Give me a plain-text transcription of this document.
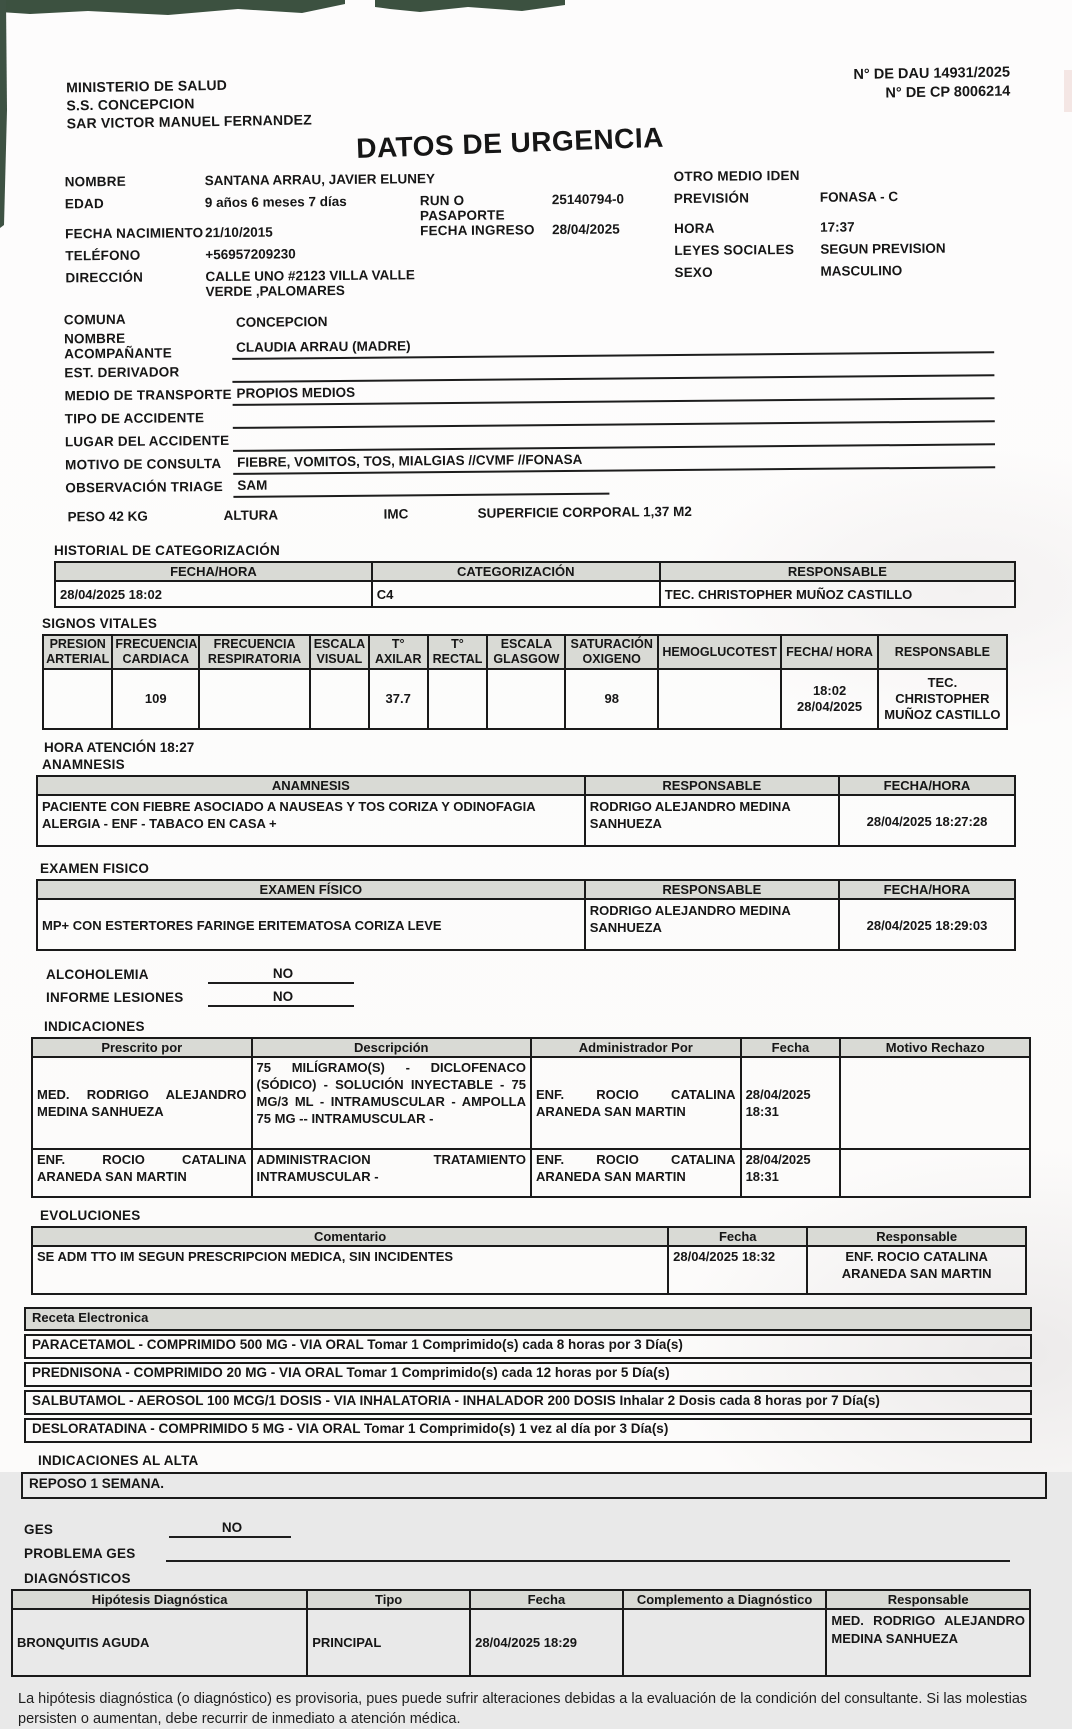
MINISTERIO DE SALUD
S.S. CONCEPCION
SAR VICTOR MANUEL FERNANDEZ
N° DE DAU 14931/2025
N° DE CP 8006214
DATOS DE URGENCIA
NOMBRE	SANTANA ARRAU, JAVIER ELUNEY	OTRO MEDIO IDEN
EDAD	9 años 6 meses 7 días	RUN O PASAPORTE
25140794-0	PREVISIÓN	FONASA - C
FECHA NACIMIENTO 21/10/2015	FECHA INGRESO	28/04/2025	HORA	17:37
TELÉFONO	+56957209230	LEYES SOCIALES	SEGUN PREVISION
DIRECCIÓN	CALLE UNO #2123 VILLA VALLE
VERDE ,PALOMARES
SEXO	MASCULINO
COMUNA	CONCEPCION
NOMBRE ACOMPAÑANTE	CLAUDIA ARRAU (MADRE)
EST. DERIVADOR
MEDIO DE TRANSPORTE PROPIOS MEDIOS
TIPO DE ACCIDENTE
LUGAR DEL ACCIDENTE
MOTIVO DE CONSULTA	FIEBRE, VOMITOS, TOS, MIALGIAS //CVMF //FONASA
OBSERVACIÓN TRIAGE	SAM
PESO 42 KG	ALTURA	IMC	SUPERFICIE CORPORAL 1,37 M2
HISTORIAL DE CATEGORIZACIÓN
FECHA/HORA	CATEGORIZACIÓN	RESPONSABLE
28/04/2025 18:02	C4	TEC. CHRISTOPHER MUÑOZ CASTILLO
SIGNOS VITALES
PRESION ARTERIAL	FRECUENCIA CARDIACA	FRECUENCIA RESPIRATORIA	ESCALA VISUAL	T° AXILAR	T° RECTAL	ESCALA GLASGOW	SATURACIÓN OXIGENO	HEMOGLUCOTEST	FECHA/ HORA	RESPONSABLE
	109			37.7			98		18:02 28/04/2025	TEC. CHRISTOPHER MUÑOZ CASTILLO
HORA ATENCIÓN 18:27
ANAMNESIS
ANAMNESIS	RESPONSABLE	FECHA/HORA
PACIENTE CON FIEBRE ASOCIADO A NAUSEAS Y TOS CORIZA Y ODINOFAGIA ALERGIA - ENF - TABACO EN CASA +	RODRIGO ALEJANDRO MEDINA SANHUEZA	28/04/2025 18:27:28
EXAMEN FISICO
EXAMEN FÍSICO	RESPONSABLE	FECHA/HORA
MP+ CON ESTERTORES FARINGE ERITEMATOSA CORIZA LEVE	RODRIGO ALEJANDRO MEDINA SANHUEZA	28/04/2025 18:29:03
ALCOHOLEMIA	NO
INFORME LESIONES	NO
INDICACIONES
Prescrito por	Descripción	Administrador Por	Fecha	Motivo Rechazo
MED. RODRIGO ALEJANDRO MEDINA SANHUEZA	75 MILÍGRAMO(S) - DICLOFENACO (SÓDICO) - SOLUCIÓN INYECTABLE - 75 MG/3 ML - INTRAMUSCULAR - AMPOLLA 75 MG -- INTRAMUSCULAR -	ENF. ROCIO CATALINA ARANEDA SAN MARTIN	28/04/2025 18:31	
ENF. ROCIO CATALINA ARANEDA SAN MARTIN	ADMINISTRACION TRATAMIENTO INTRAMUSCULAR -	ENF. ROCIO CATALINA ARANEDA SAN MARTIN	28/04/2025 18:31	
EVOLUCIONES
Comentario	Fecha	Responsable
SE ADM TTO IM SEGUN PRESCRIPCION MEDICA, SIN INCIDENTES	28/04/2025 18:32	ENF. ROCIO CATALINA ARANEDA SAN MARTIN
Receta Electronica
PARACETAMOL - COMPRIMIDO 500 MG - VIA ORAL Tomar 1 Comprimido(s) cada 8 horas por 3 Día(s)
PREDNISONA - COMPRIMIDO 20 MG - VIA ORAL Tomar 1 Comprimido(s) cada 12 horas por 5 Día(s)
SALBUTAMOL - AEROSOL 100 MCG/1 DOSIS - VIA INHALATORIA - INHALADOR 200 DOSIS Inhalar 2 Dosis cada 8 horas por 7 Día(s)
DESLORATADINA - COMPRIMIDO 5 MG - VIA ORAL Tomar 1 Comprimido(s) 1 vez al día por 3 Día(s)
INDICACIONES AL ALTA
REPOSO 1 SEMANA.
GES	NO
PROBLEMA GES
DIAGNÓSTICOS
Hipótesis Diagnóstica	Tipo	Fecha	Complemento a Diagnóstico	Responsable
BRONQUITIS AGUDA	PRINCIPAL	28/04/2025 18:29		MED. RODRIGO ALEJANDRO MEDINA SANHUEZA
La hipótesis diagnóstica (o diagnóstico) es provisoria, pues puede sufrir alteraciones debidas a la evaluación de la condición del consultante. Si las molestias persisten o aumentan, debe recurrir de inmediato a atención médica.
